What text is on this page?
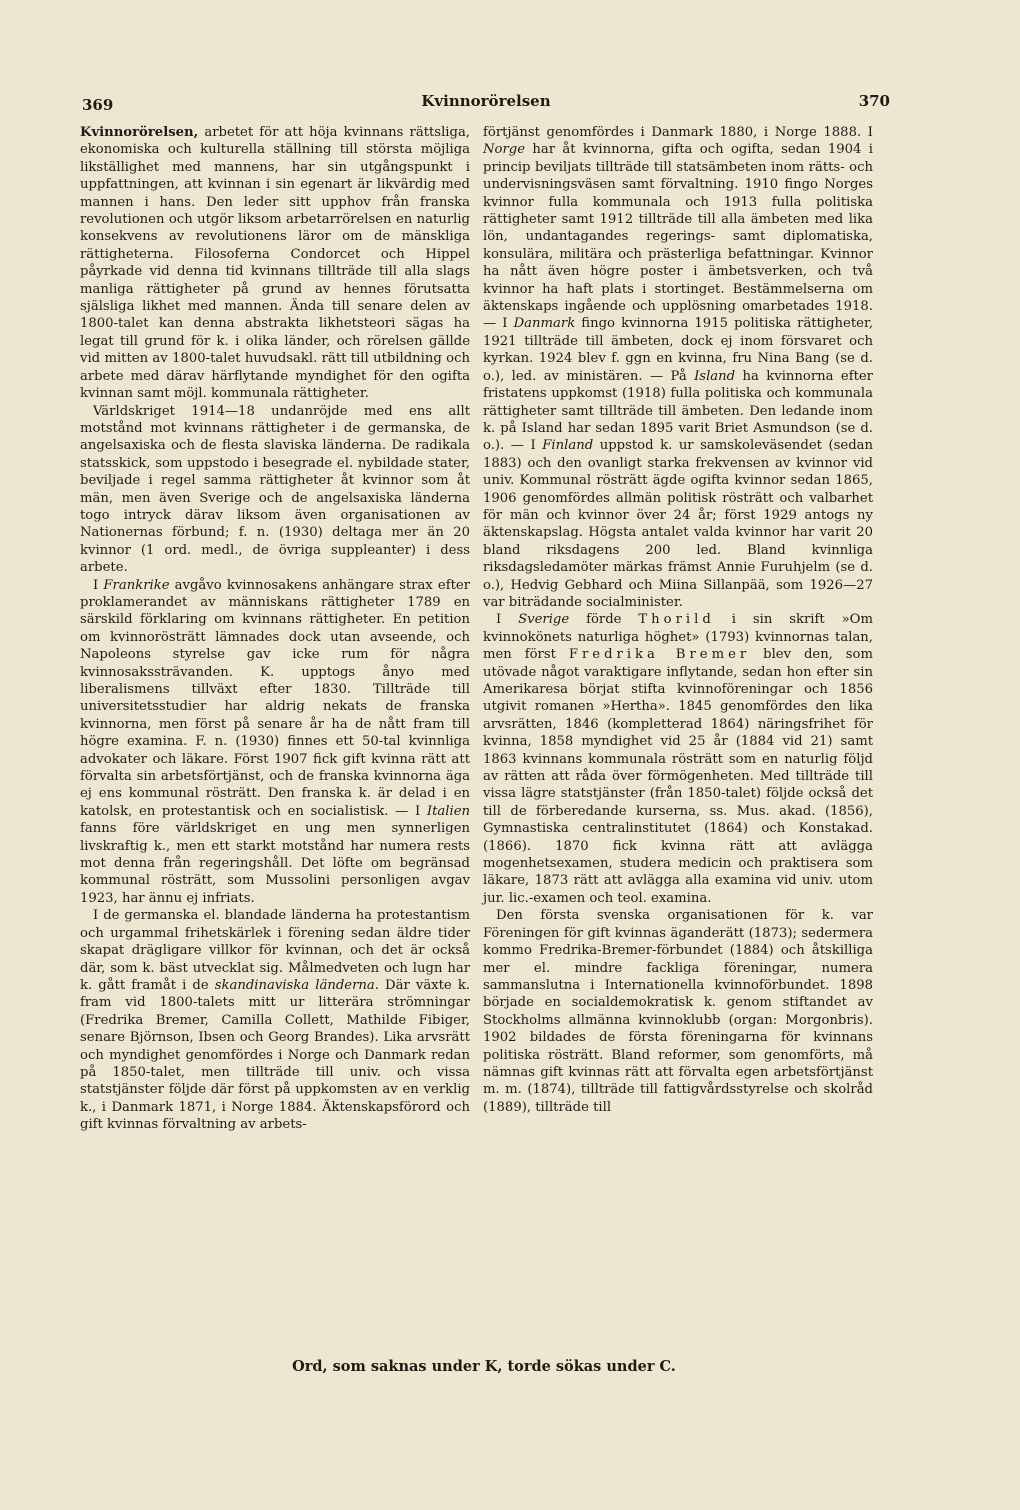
369	Kvinnorörelsen	370

Kvinnorörelsen, arbetet för att höja kvinnans rättsliga, ekonomiska och kulturella ställning till största möjliga likställighet med mannens, har sin utgångspunkt i uppfattningen, att kvinnan i sin egenart är likvärdig med mannen i hans. Den leder sitt upphov från franska revolutionen och utgör liksom arbetarrörelsen en naturlig konsekvens av revolutionens läror om de mänskliga rättigheterna. Filosoferna Condorcet och Hippel påyrkade vid denna tid kvinnans tillträde till alla slags manliga rättigheter på grund av hennes förutsatta själsliga likhet med mannen. Ända till senare delen av 1800-talet kan denna abstrakta likhetsteori sägas ha legat till grund för k. i olika länder, och rörelsen gällde vid mitten av 1800-talet huvudsakl. rätt till utbildning och arbete med därav härflytande myndighet för den ogifta kvinnan samt möjl. kommunala rättigheter.

Världskriget 1914—18 undanröjde med ens allt motstånd mot kvinnans rättigheter i de germanska, de angelsaxiska och de flesta slaviska länderna. De radikala statsskick, som uppstodo i besegrade el. nybildade stater, beviljade i regel samma rättigheter åt kvinnor som åt män, men även Sverige och de angelsaxiska länderna togo intryck därav liksom även organisationen av Nationernas förbund; f. n. (1930) deltaga mer än 20 kvinnor (1 ord. medl., de övriga suppleanter) i dess arbete.

I Frankrike avgåvo kvinnosakens anhängare strax efter proklamerandet av människans rättigheter 1789 en särskild förklaring om kvinnans rättigheter. En petition om kvinnorösträtt lämnades dock utan avseende, och Napoleons styrelse gav icke rum för några kvinnosakssträvanden. K. upptogs ånyo med liberalismens tillväxt efter 1830. Tillträde till universitetsstudier har aldrig nekats de franska kvinnorna, men först på senare år ha de nått fram till högre examina. F. n. (1930) finnes ett 50-tal kvinnliga advokater och läkare. Först 1907 fick gift kvinna rätt att förvalta sin arbetsförtjänst, och de franska kvinnorna äga ej ens kommunal rösträtt. Den franska k. är delad i en katolsk, en protestantisk och en socialistisk. — I Italien fanns före världskriget en ung men synnerligen livskraftig k., men ett starkt motstånd har numera rests mot denna från regeringshåll. Det löfte om begränsad kommunal rösträtt, som Mussolini personligen avgav 1923, har ännu ej infriats.

I de germanska el. blandade länderna ha protestantism och urgammal frihetskärlek i förening sedan äldre tider skapat drägligare villkor för kvinnan, och det är också där, som k. bäst utvecklat sig. Målmedveten och lugn har k. gått framåt i de skandinaviska länderna. Där växte k. fram vid 1800-talets mitt ur litterära strömningar (Fredrika Bremer, Camilla Collett, Mathilde Fibiger, senare Björnson, Ibsen och Georg Brandes). Lika arvsrätt och myndighet genomfördes i Norge och Danmark redan på 1850-talet, men tillträde till univ. och vissa statstjänster följde där först på uppkomsten av en verklig k., i Danmark 1871, i Norge 1884. Äktenskapsförord och gift kvinnas förvaltning av arbets-

förtjänst genomfördes i Danmark 1880, i Norge 1888. I Norge har åt kvinnorna, gifta och ogifta, sedan 1904 i princip beviljats tillträde till statsämbeten inom rätts- och undervisningsväsen samt förvaltning. 1910 fingo Norges kvinnor fulla kommunala och 1913 fulla politiska rättigheter samt 1912 tillträde till alla ämbeten med lika lön, undantagandes regerings- samt diplomatiska, konsulära, militära och prästerliga befattningar. Kvinnor ha nått även högre poster i ämbetsverken, och två kvinnor ha haft plats i stortinget. Bestämmelserna om äktenskaps ingående och upplösning omarbetades 1918. — I Danmark fingo kvinnorna 1915 politiska rättigheter, 1921 tillträde till ämbeten, dock ej inom försvaret och kyrkan. 1924 blev f. ggn en kvinna, fru Nina Bang (se d. o.), led. av ministären. — På Island ha kvinnorna efter fristatens uppkomst (1918) fulla politiska och kommunala rättigheter samt tillträde till ämbeten. Den ledande inom k. på Island har sedan 1895 varit Briet Asmundson (se d. o.). — I Finland uppstod k. ur samskoleväsendet (sedan 1883) och den ovanligt starka frekvensen av kvinnor vid univ. Kommunal rösträtt ägde ogifta kvinnor sedan 1865, 1906 genomfördes allmän politisk rösträtt och valbarhet för män och kvinnor över 24 år; först 1929 antogs ny äktenskapslag. Högsta antalet valda kvinnor har varit 20 bland riksdagens 200 led. Bland kvinnliga riksdagsledamöter märkas främst Annie Furuhjelm (se d. o.), Hedvig Gebhard och Miina Sillanpää, som 1926—27 var biträdande socialminister.

I Sverige förde Thorild i sin skrift »Om kvinnokönets naturliga höghet» (1793) kvinnornas talan, men först Fredrika Bremer blev den, som utövade något varaktigare inflytande, sedan hon efter sin Amerikaresa börjat stifta kvinnoföreningar och 1856 utgivit romanen »Hertha». 1845 genomfördes den lika arvsrätten, 1846 (kompletterad 1864) näringsfrihet för kvinna, 1858 myndighet vid 25 år (1884 vid 21) samt 1863 kvinnans kommunala rösträtt som en naturlig följd av rätten att råda över förmögenheten. Med tillträde till vissa lägre statstjänster (från 1850-talet) följde också det till de förberedande kurserna, ss. Mus. akad. (1856), Gymnastiska centralinstitutet (1864) och Konstakad. (1866). 1870 fick kvinna rätt att avlägga mogenhetsexamen, studera medicin och praktisera som läkare, 1873 rätt att avlägga alla examina vid univ. utom jur. lic.-examen och teol. examina.

Den första svenska organisationen för k. var Föreningen för gift kvinnas äganderätt (1873); sedermera kommo Fredrika-Bremer-förbundet (1884) och åtskilliga mer el. mindre fackliga föreningar, numera sammanslutna i Internationella kvinnoförbundet. 1898 började en socialdemokratisk k. genom stiftandet av Stockholms allmänna kvinnoklubb (organ: Morgonbris). 1902 bildades de första föreningarna för kvinnans politiska rösträtt. Bland reformer, som genomförts, må nämnas gift kvinnas rätt att förvalta egen arbetsförtjänst m. m. (1874), tillträde till fattigvårdsstyrelse och skolråd (1889), tillträde till

Ord, som saknas under K, torde sökas under C.
